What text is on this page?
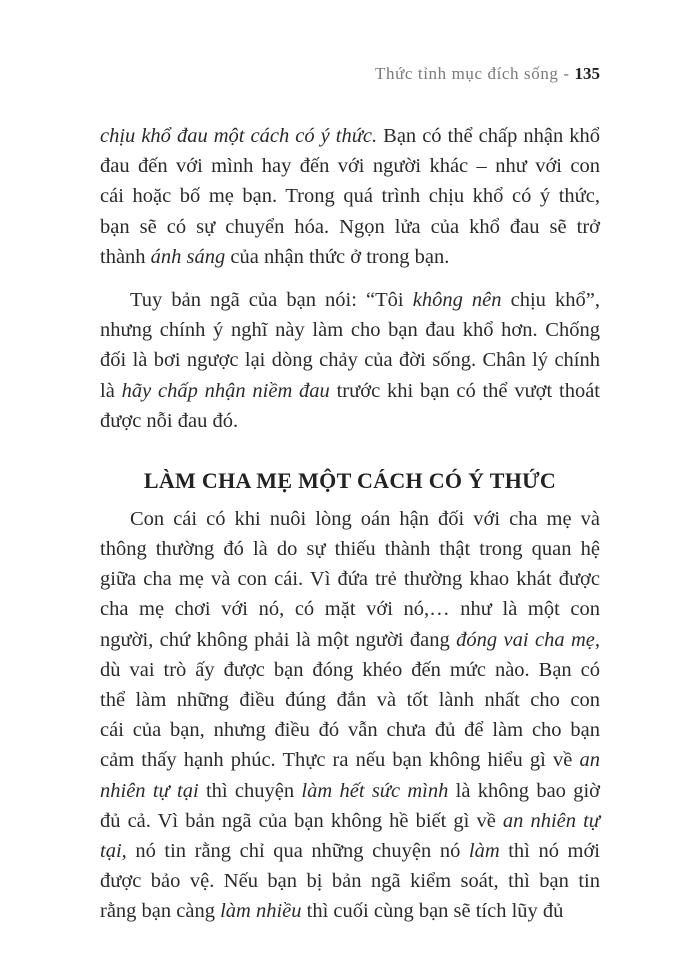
Thức tỉnh mục đích sống - 135
chịu khổ đau một cách có ý thức. Bạn có thể chấp nhận khổ
đau đến với mình hay đến với người khác – như với con
cái hoặc bố mẹ bạn. Trong quá trình chịu khổ có ý thức,
bạn sẽ có sự chuyển hóa. Ngọn lửa của khổ đau sẽ trở
thành ánh sáng của nhận thức ở trong bạn.
Tuy bản ngã của bạn nói: “Tôi không nên chịu khổ”,
nhưng chính ý nghĩ này làm cho bạn đau khổ hơn. Chống
đối là bơi ngược lại dòng chảy của đời sống. Chân lý chính
là hãy chấp nhận niềm đau trước khi bạn có thể vượt thoát
được nỗi đau đó.
LÀM CHA MẸ MỘT CÁCH CÓ Ý THỨC
Con cái có khi nuôi lòng oán hận đối với cha mẹ và
thông thường đó là do sự thiếu thành thật trong quan hệ
giữa cha mẹ và con cái. Vì đứa trẻ thường khao khát được
cha mẹ chơi với nó, có mặt với nó,… như là một con
người, chứ không phải là một người đang đóng vai cha mẹ,
dù vai trò ấy được bạn đóng khéo đến mức nào. Bạn có
thể làm những điều đúng đắn và tốt lành nhất cho con
cái của bạn, nhưng điều đó vẫn chưa đủ để làm cho bạn
cảm thấy hạnh phúc. Thực ra nếu bạn không hiểu gì về an
nhiên tự tại thì chuyện làm hết sức mình là không bao giờ
đủ cả. Vì bản ngã của bạn không hề biết gì về an nhiên tự
tại, nó tin rằng chỉ qua những chuyện nó làm thì nó mới
được bảo vệ. Nếu bạn bị bản ngã kiểm soát, thì bạn tin
rằng bạn càng làm nhiều thì cuối cùng bạn sẽ tích lũy đủ
